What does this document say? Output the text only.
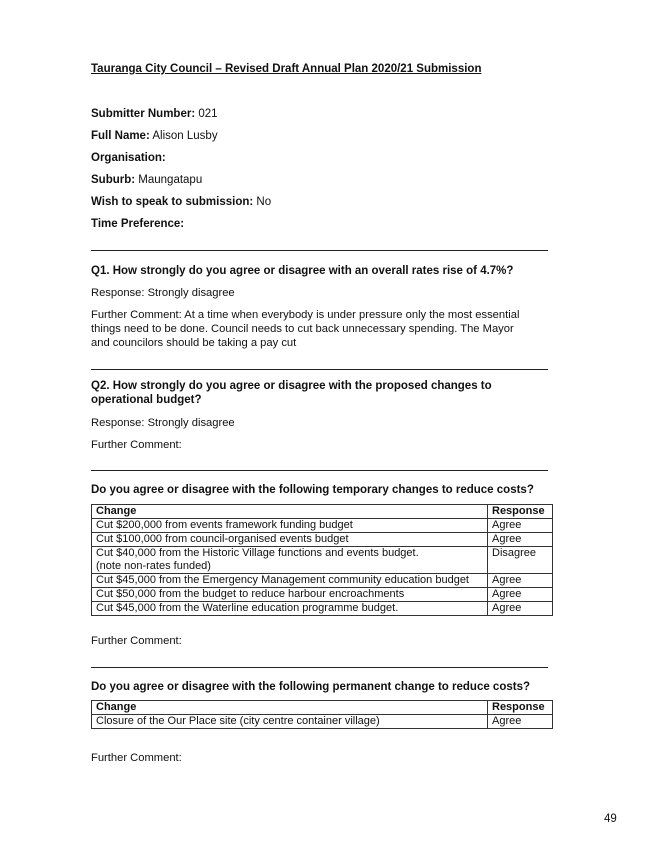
Tauranga City Council – Revised Draft Annual Plan 2020/21 Submission
Submitter Number: 021
Full Name: Alison Lusby
Organisation:
Suburb: Maungatapu
Wish to speak to submission: No
Time Preference:
Q1. How strongly do you agree or disagree with an overall rates rise of 4.7%?
Response: Strongly disagree
Further Comment: At a time when everybody is under pressure only the most essential things need to be done. Council needs to cut back unnecessary spending. The Mayor and councilors should be taking a pay cut
Q2. How strongly do you agree or disagree with the proposed changes to operational budget?
Response: Strongly disagree
Further Comment:
Do you agree or disagree with the following temporary changes to reduce costs?
Change	Response
Cut $200,000 from events framework funding budget	Agree
Cut $100,000 from council-organised events budget	Agree

Cut $40,000 from the Historic Village functions and events budget.
(note non-rates funded)	Disagree
Cut $45,000 from the Emergency Management community education budget	Agree
Cut $50,000 from the budget to reduce harbour encroachments	Agree
Cut $45,000 from the Waterline education programme budget.	Agree
Further Comment:
Do you agree or disagree with the following permanent change to reduce costs?
Change	Response
Closure of the Our Place site (city centre container village)	Agree
Further Comment:
49
